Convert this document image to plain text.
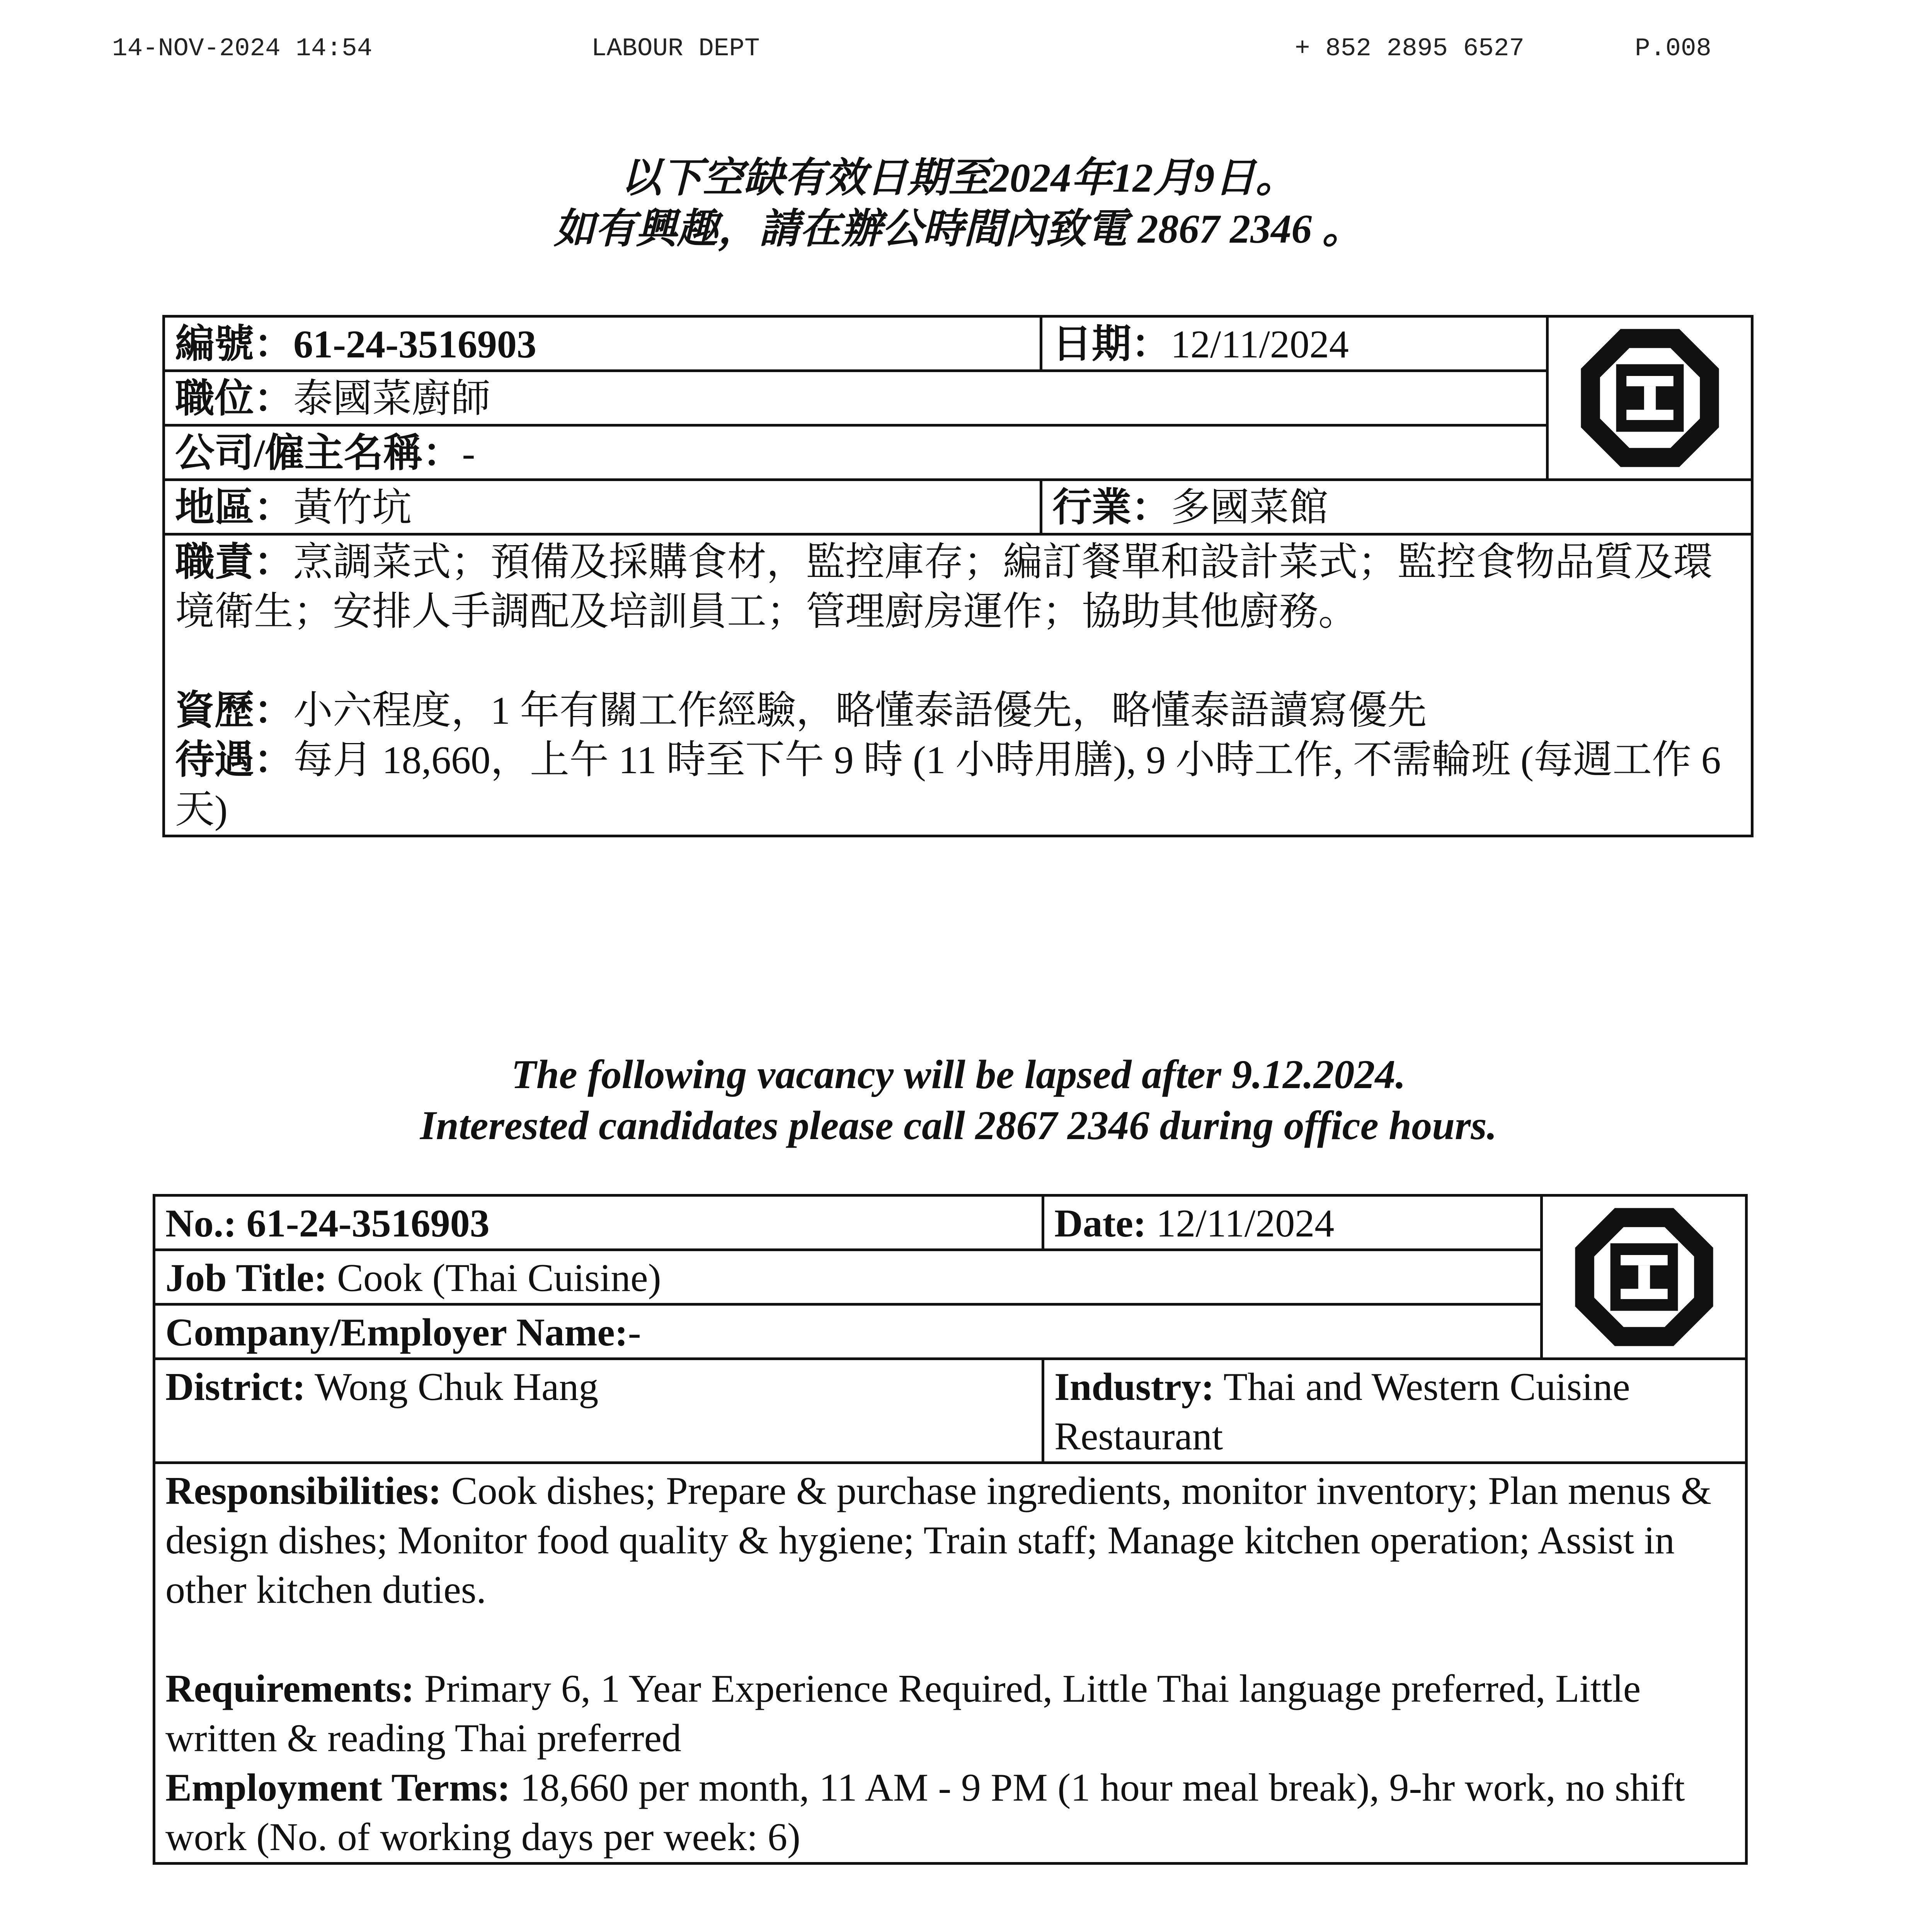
14-NOV-2024 14:54	LABOUR DEPT	+ 852 2895 6527	P.008
以下空缺有效日期至2024年12月9日。
如有興趣，請在辦公時間內致電 2867 2346 。
編號：61-24-3516903	日期：12/11/2024	

職位：泰國菜廚師		
公司/僱主名稱：-		
地區：黃竹坑	行業：多國菜館	

職責：烹調菜式；預備及採購食材，監控庫存；編訂餐單和設計菜式；監控食物品質及環境衛生；安排人手調配及培訓員工；管理廚房運作；協助其他廚務。

資歷：小六程度，1 年有關工作經驗，略懂泰語優先，略懂泰語讀寫優先

待遇：每月 18,660，上午 11 時至下午 9 時 (1 小時用膳), 9 小時工作, 不需輪班 (每週工作 6 天)		

The following vacancy will be lapsed after 9.12.2024.
Interested candidates please call 2867 2346 during office hours.
No.: 61-24-3516903	Date: 12/11/2024	

Job Title: Cook (Thai Cuisine)		
Company/Employer Name:-		
District: Wong Chuk Hang	Industry: Thai and Western Cuisine Restaurant	

Responsibilities: Cook dishes; Prepare & purchase ingredients, monitor inventory; Plan menus & design dishes; Monitor food quality & hygiene; Train staff; Manage kitchen operation; Assist in other kitchen duties.

Requirements: Primary 6, 1 Year Experience Required, Little Thai language preferred, Little written & reading Thai preferred

Employment Terms: 18,660 per month, 11 AM - 9 PM (1 hour meal break), 9-hr work, no shift work (No. of working days per week: 6)		
